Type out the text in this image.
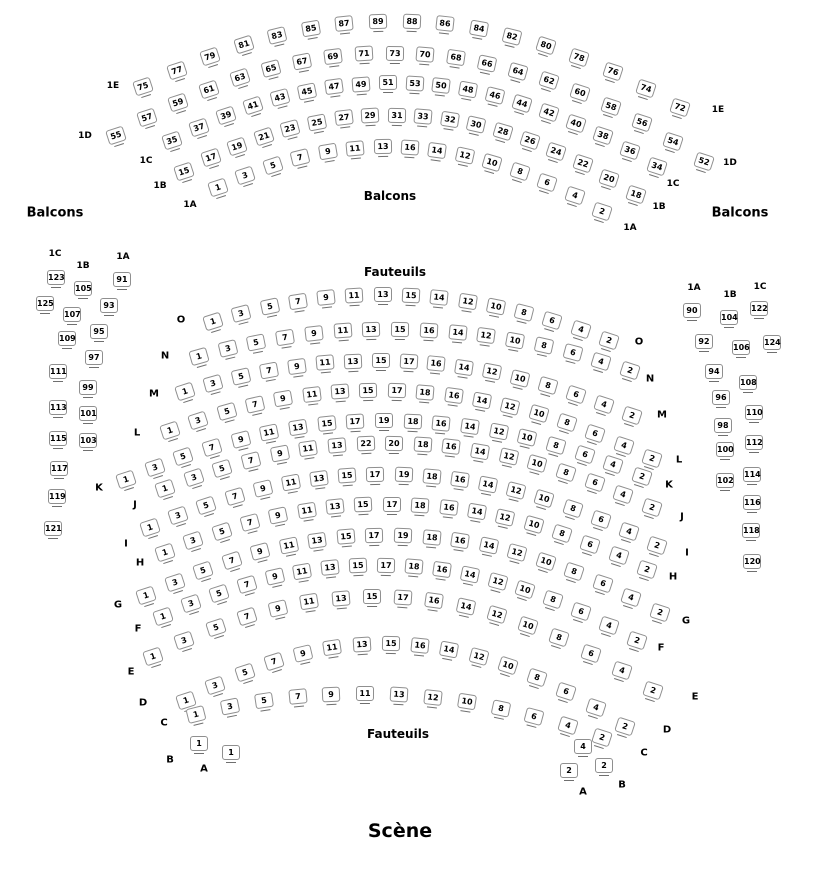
75
77
79
81
83
85	87	89	88	86	84
82
80
78
76
74
72
55
57
59
61
63
65
67	69	71	73	70	68
66
64
62
60
58
56
54
52
35
37
39
41
43
45	47	49	51	53	50	48
46
44
42
40
38
36
34
15
17
19
21
23
25	27	29	31	33	32	30
28
26
24
22
20
18
1
3
5
7
9	11	13	16	14	12
10
8
6
4
2
1
3
5
7	9	11	13	15	14	12	10
8
6
4
2
1
3
5
7	9	11	13	15	16	14	12	10
8
6
4
2
1
3
5
7	9	11	13	15	17	16	14	12
10
8
6
4
2
1
3
5
7
9	11	13	15	17	18	16	14
12
10
8
6
4
2
1
3
5
7
9
11	13	15	17	19	18	16	14	12
10
8
6
4
2
1
3
5
7
9	11	13	22	20	18	16	14
12
10
8
6
4
2
1
3
5
7
9
11	13	15	17	19	18	16	14
12
10
8
6
4
2
1
3
5
7
9	11	13	15	17	18	16	14
12
10
8
6
4
2
1
3
5
7
9
11	13	15	17	19	18	16	14
12
10
8
6
4
2
1
3
5
7
9
11	13	15	17	18	16	14
12
10
8
6
4
2
1
3
5
7
9
11	13	15	17	16
14
12
10
8
6
4
2
1
3
5
7
9
11	13	15	16	14
12
10
8
6
4
2
1
3
5	7	9	11	13	12	10
8
6
4
2
123
125
105
107
109
91
93
95
97
99
101
103
111
113
115
117
119
121
90
92
94
96
98
100
102
104
106
108
110
112
114
116
118
120
122
124
1	4
2
1
2
Balcons	Balcons
Balcons
Fauteuils
Fauteuils
1E
1E
1D
1D
1C
1C
1B
1B
1A
1A
1C
1B
1A
1A
1B
1C
O
O
N
N
M
M
L
L
K	K
J
J
I
I
H
H
G
G
F
F
E
E
D
D
C
C
B
B
A
A
Scène
